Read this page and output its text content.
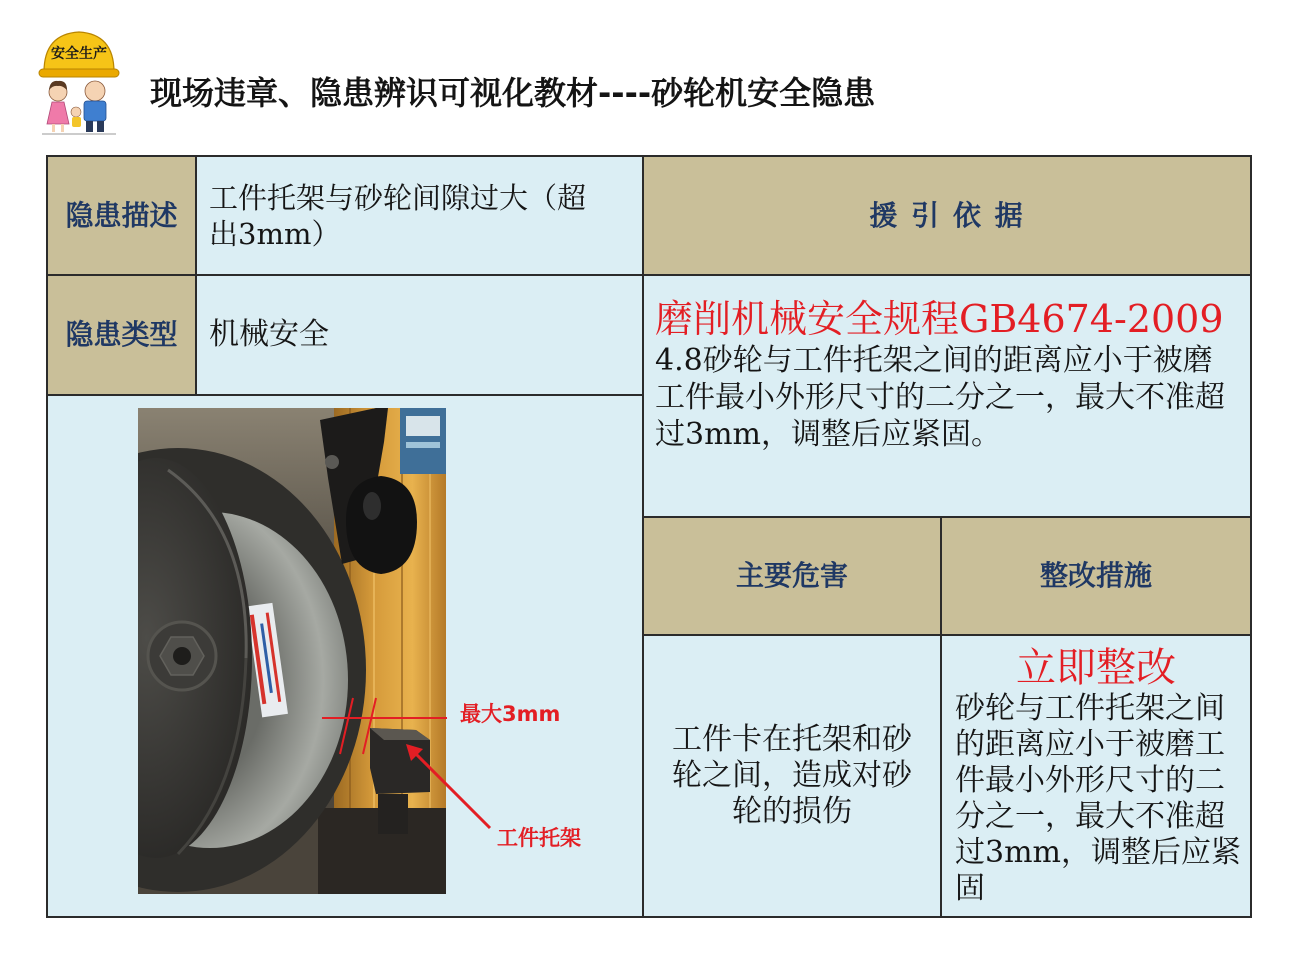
安全生产
现场违章、隐患辨识可视化教材----砂轮机安全隐患
隐患描述
工件托架与砂轮间隙过大（超
出3mm）
援 引 依 据
隐患类型 机械安全	磨削机械安全规程GB4674-2009
4.8砂轮与工件托架之间的距离应小于被磨
工件最小外形尺寸的二分之一，最大不准超
过3mm，调整后应紧固。
主要危害	整改措施
工件卡在托架和砂
轮之间，造成对砂
轮的损伤
立即整改
砂轮与工件托架之间
的距离应小于被磨工
件最小外形尺寸的二
分之一，最大不准超
过3mm，调整后应紧
固
最大3mm
工件托架
